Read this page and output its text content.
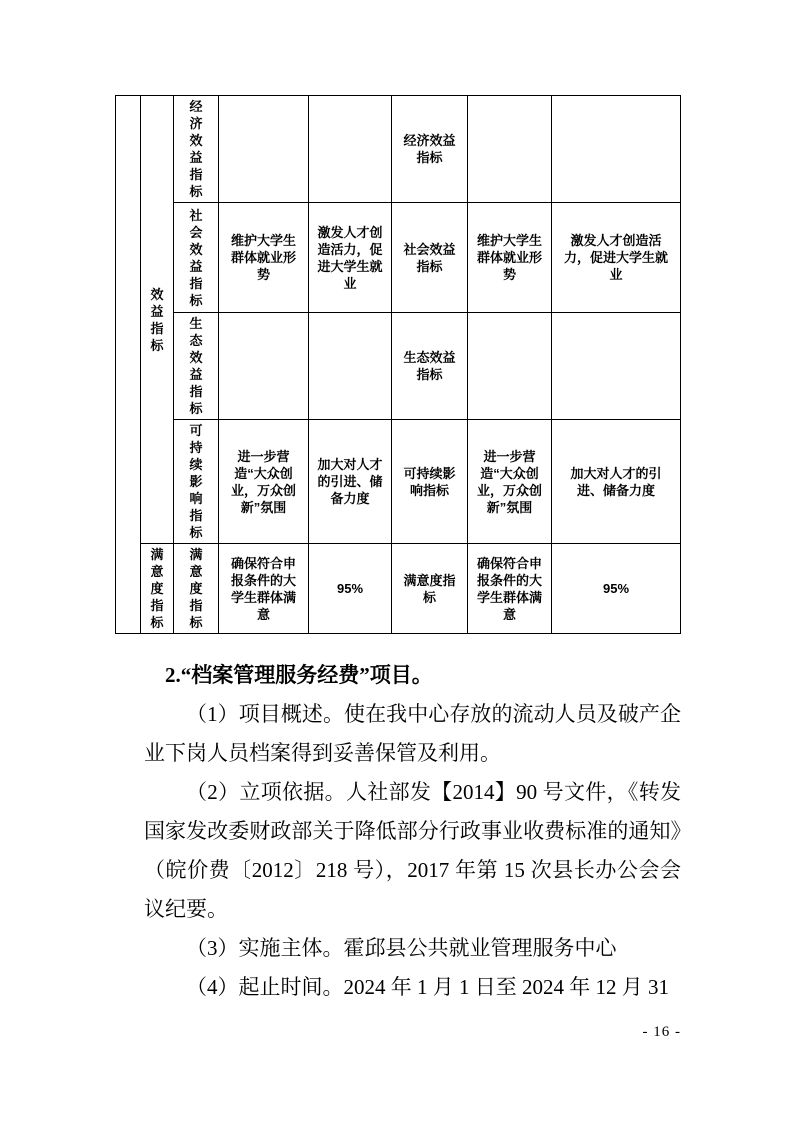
	效益指标	经济效益指标			经济效益指标		
		社会效益指标	维护大学生群体就业形势	激发人才创造活力，促进大学生就业	社会效益指标	维护大学生群体就业形势	激发人才创造活力，促进大学生就业
		生态效益指标			生态效益指标		
		可持续影响指标	进一步营造“大众创业，万众创新”氛围	加大对人才的引进、储备力度	可持续影响指标	进一步营造“大众创业，万众创新”氛围	加大对人才的引进、储备力度
	满意度指标	满意度指标	确保符合申报条件的大学生群体满意	95%	满意度指标	确保符合申报条件的大学生群体满意	95%

2.“档案管理服务经费”项目。

（1）项目概述。使在我中心存放的流动人员及破产企业下岗人员档案得到妥善保管及利用。

（2）立项依据。人社部发【2014】90 号文件，《转发国家发改委财政部关于降低部分行政事业收费标准的通知》（皖价费〔2012〕218 号），2017 年第 15 次县长办公会会议纪要。

（3）实施主体。霍邱县公共就业管理服务中心

（4）起止时间。2024 年 1 月 1 日至 2024 年 12 月 31

- 16 -
